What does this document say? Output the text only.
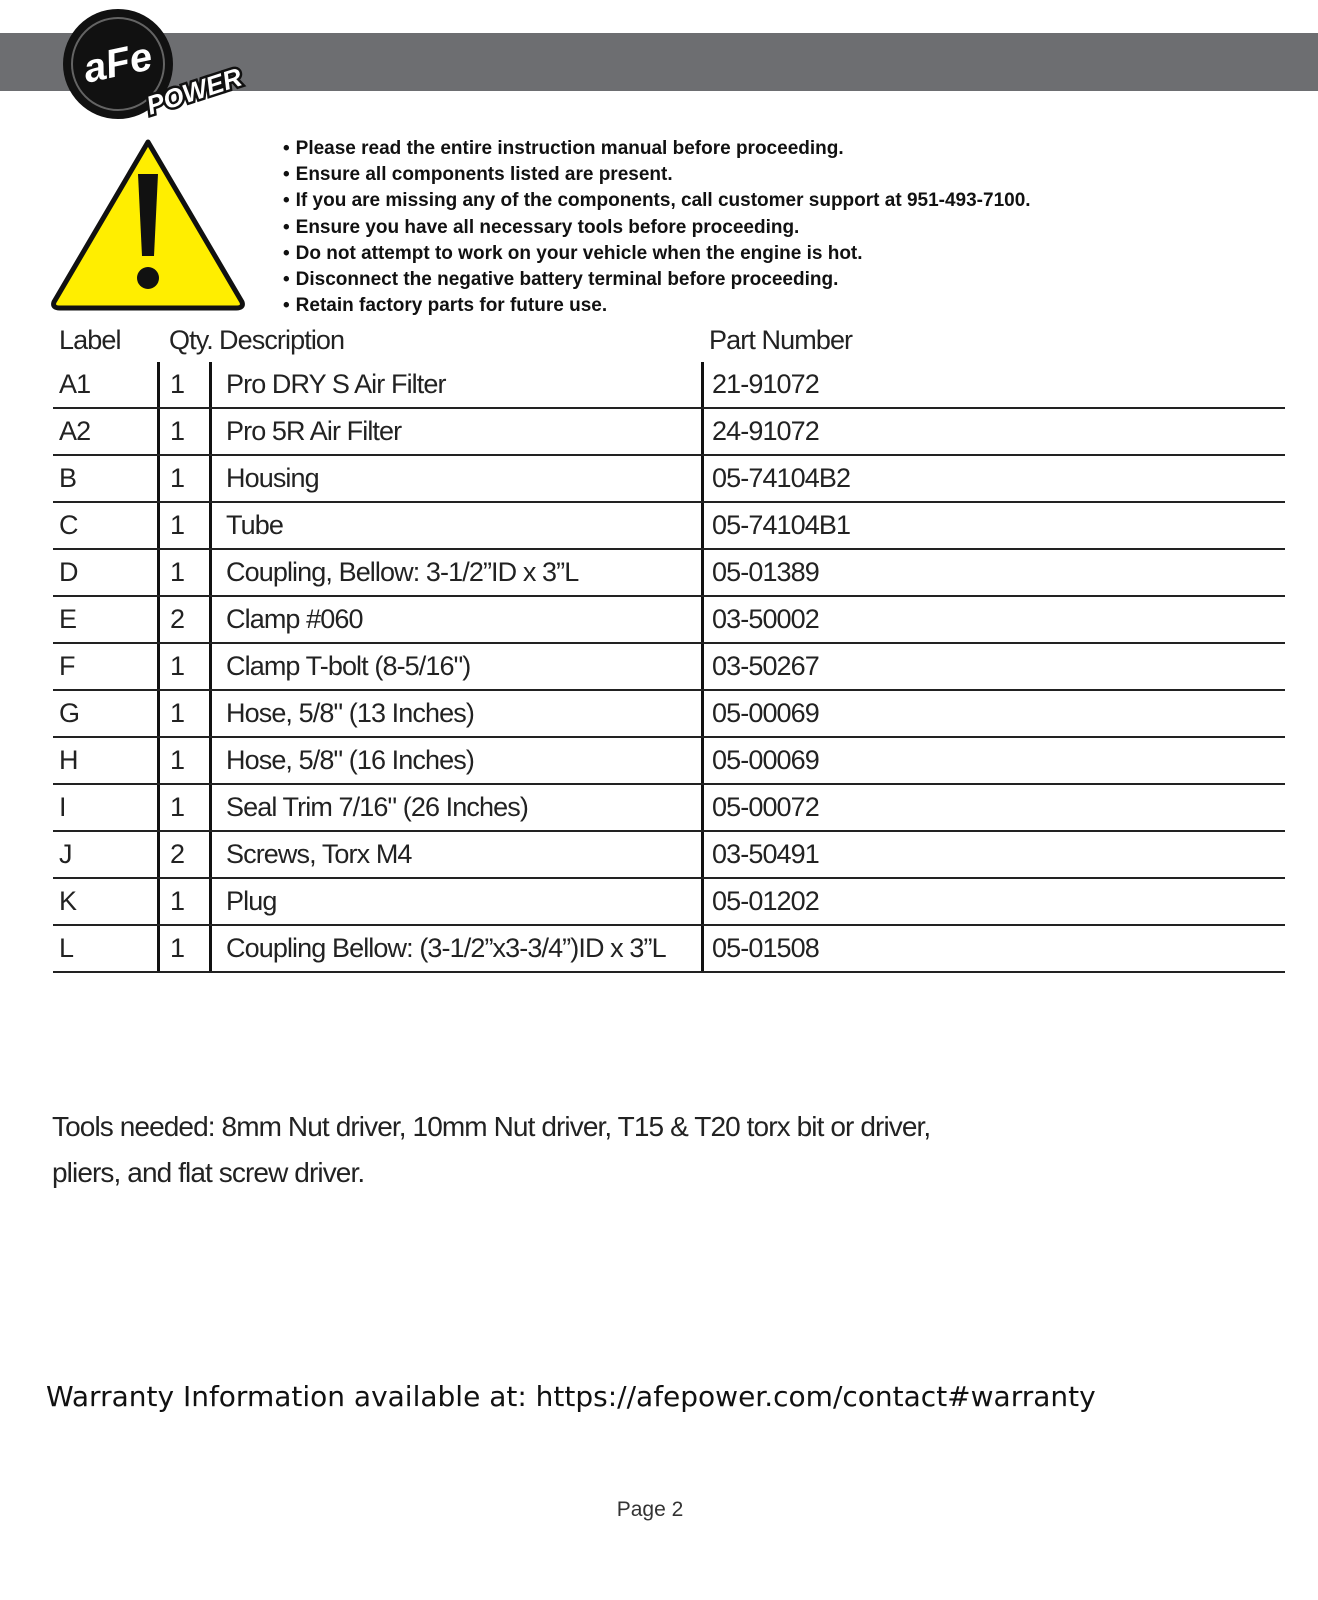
aFe
POWER
• Please read the entire instruction manual before proceeding.
• Ensure all components listed are present.
• If you are missing any of the components, call customer support at 951-493-7100.
• Ensure you have all necessary tools before proceeding.
• Do not attempt to work on your vehicle when the engine is hot.
• Disconnect the negative battery terminal before proceeding.
• Retain factory parts for future use.
Label	Qty. Description	Part Number
A1	1	Pro DRY S Air Filter	21-91072
A2	1	Pro 5R Air Filter	24-91072
B	1	Housing	05-74104B2
C	1	Tube	05-74104B1
D	1	Coupling, Bellow: 3-1/2”ID x 3”L	05-01389
E	2	Clamp #060	03-50002
F	1	Clamp T-bolt (8-5/16")	03-50267
G	1	Hose, 5/8" (13 Inches)	05-00069
H	1	Hose, 5/8" (16 Inches)	05-00069
I	1	Seal Trim 7/16" (26 Inches)	05-00072
J	2	Screws, Torx M4	03-50491
K	1	Plug	05-01202
L	1	Coupling Bellow: (3-1/2”x3-3/4”)ID x 3”L	05-01508
Tools needed: 8mm Nut driver, 10mm Nut driver, T15 & T20 torx bit or driver, pliers, and flat screw driver.
Warranty Information available at: https://afepower.com/contact#warranty
Page 2
